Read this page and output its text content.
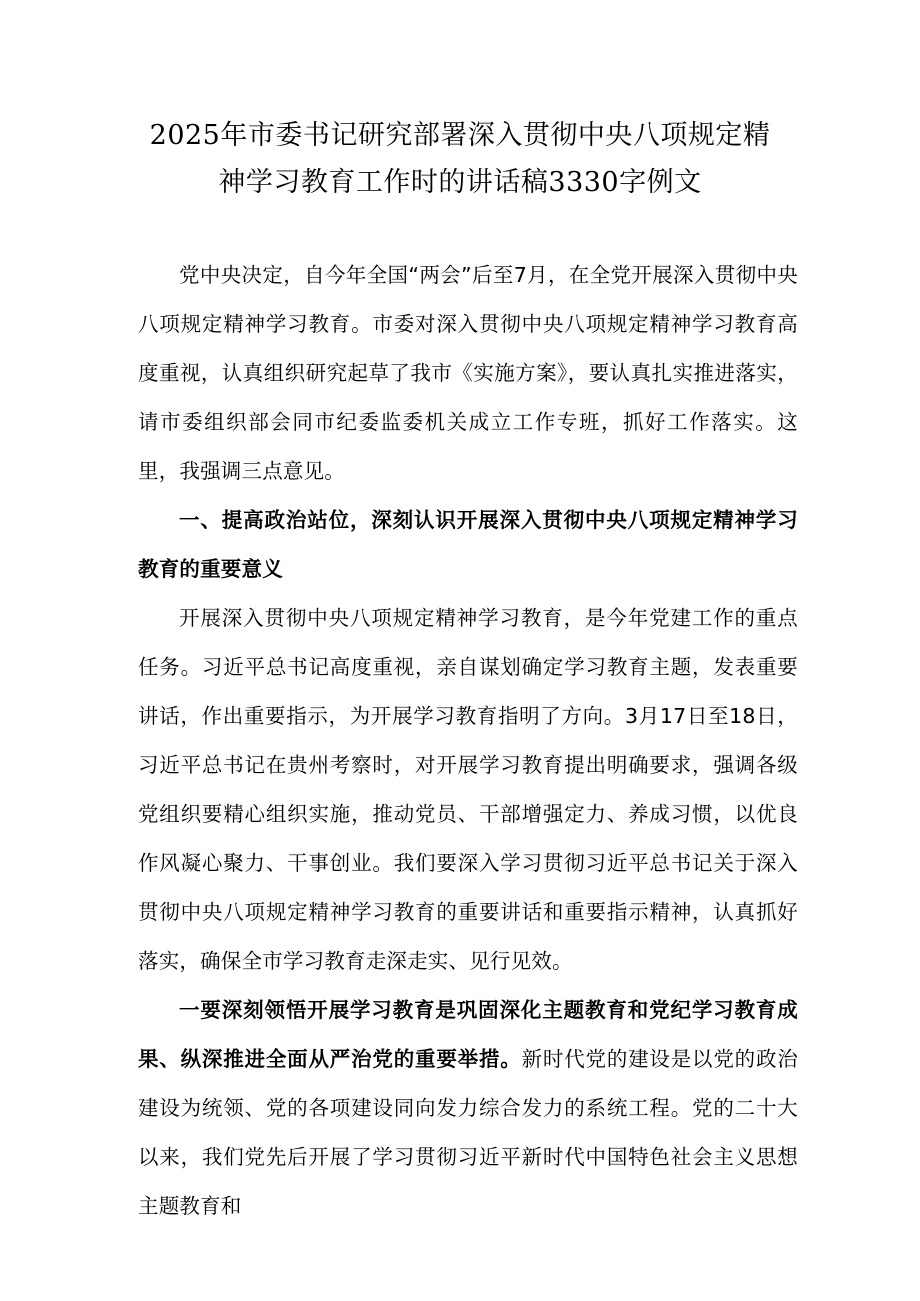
2025年市委书记研究部署深入贯彻中央八项规定精
神学习教育工作时的讲话稿3330字例文

党中央决定，自今年全国“两会”后至7月，在全党开展深入贯彻中央八项规定精神学习教育。市委对深入贯彻中央八项规定精神学习教育高度重视，认真组织研究起草了我市《实施方案》，要认真扎实推进落实，请市委组织部会同市纪委监委机关成立工作专班，抓好工作落实。这里，我强调三点意见。

一、提高政治站位，深刻认识开展深入贯彻中央八项规定精神学习教育的重要意义

开展深入贯彻中央八项规定精神学习教育，是今年党建工作的重点任务。习近平总书记高度重视，亲自谋划确定学习教育主题，发表重要讲话，作出重要指示，为开展学习教育指明了方向。3月17日至18日，习近平总书记在贵州考察时，对开展学习教育提出明确要求，强调各级党组织要精心组织实施，推动党员、干部增强定力、养成习惯，以优良作风凝心聚力、干事创业。我们要深入学习贯彻习近平总书记关于深入贯彻中央八项规定精神学习教育的重要讲话和重要指示精神，认真抓好落实，确保全市学习教育走深走实、见行见效。

一要深刻领悟开展学习教育是巩固深化主题教育和党纪学习教育成果、纵深推进全面从严治党的重要举措。新时代党的建设是以党的政治建设为统领、党的各项建设同向发力综合发力的系统工程。党的二十大以来，我们党先后开展了学习贯彻习近平新时代中国特色社会主义思想主题教育和
